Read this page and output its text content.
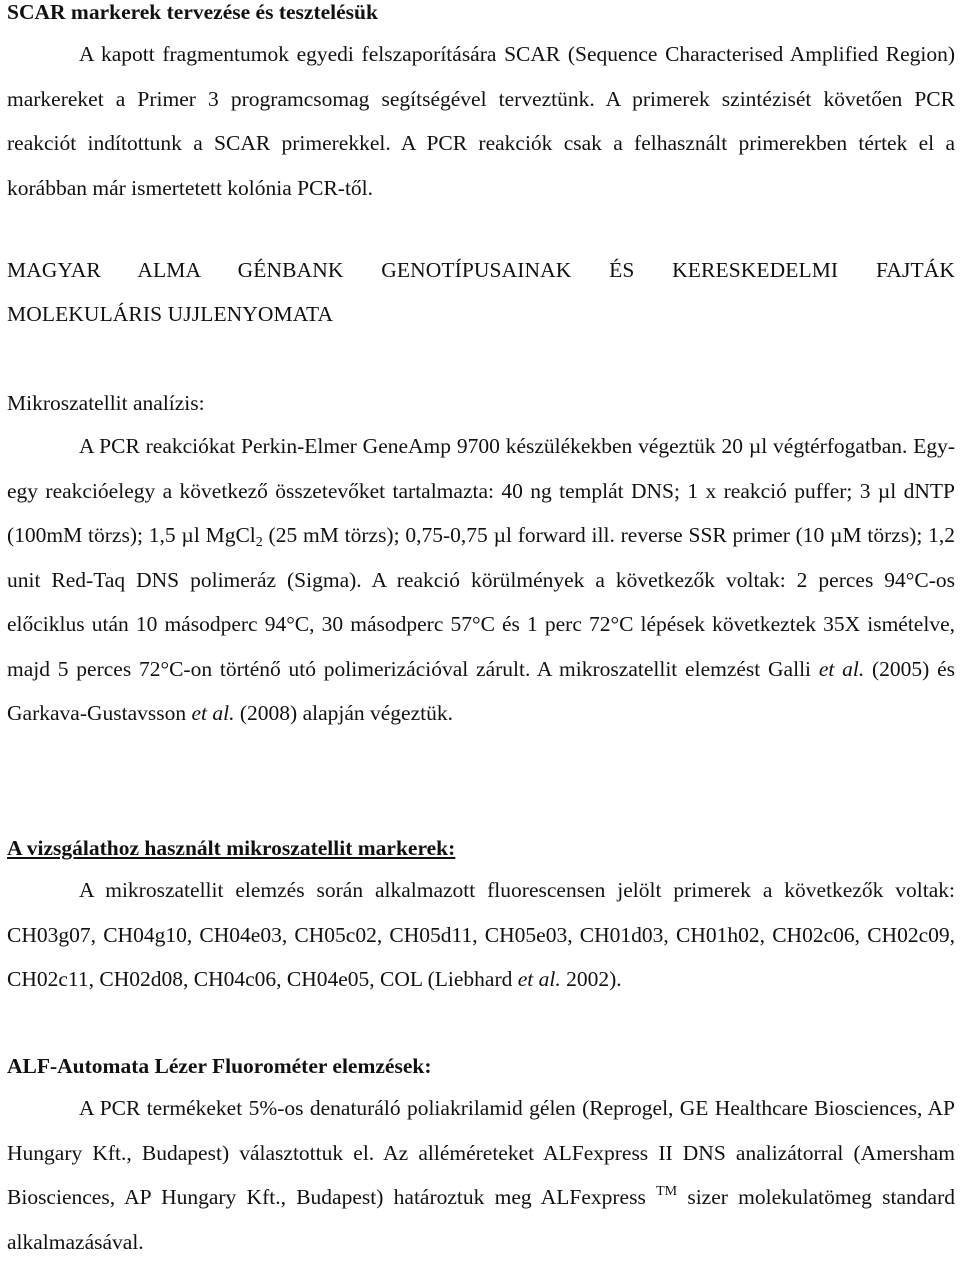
SCAR markerek tervezése és tesztelésük

A kapott fragmentumok egyedi felszaporítására SCAR (Sequence Characterised Amplified Region) markereket a Primer 3 programcsomag segítségével terveztünk. A primerek szintézisét követően PCR reakciót indítottunk a SCAR primerekkel. A PCR reakciók csak a felhasznált primerekben tértek el a korábban már ismertetett kolónia PCR-től.

MAGYAR ALMA GÉNBANK GENOTÍPUSAINAK ÉS KERESKEDELMI FAJTÁK

MOLEKULÁRIS UJJLENYOMATA

Mikroszatellit analízis:

A PCR reakciókat Perkin-Elmer GeneAmp 9700 készülékekben végeztük 20 µl végtérfogatban. Egy-egy reakcióelegy a következő összetevőket tartalmazta: 40 ng templát DNS; 1 x reakció puffer; 3 µl dNTP (100mM törzs); 1,5 µl MgCl$_2$ (25 mM törzs); 0,75-0,75 µl forward ill. reverse SSR primer (10 µM törzs); 1,2 unit Red-Taq DNS polimeráz (Sigma). A reakció körülmények a következők voltak: 2 perces 94°C-os előciklus után 10 másodperc 94°C, 30 másodperc 57°C és 1 perc 72°C lépések következtek 35X ismételve, majd 5 perces 72°C-on történő utó polimerizációval zárult. A mikroszatellit elemzést Galli et al. (2005) és Garkava-Gustavsson et al. (2008) alapján végeztük.

A vizsgálathoz használt mikroszatellit markerek:

A mikroszatellit elemzés során alkalmazott fluorescensen jelölt primerek a következők voltak: CH03g07, CH04g10, CH04e03, CH05c02, CH05d11, CH05e03, CH01d03, CH01h02, CH02c06, CH02c09, CH02c11, CH02d08, CH04c06, CH04e05, COL (Liebhard et al. 2002).

ALF-Automata Lézer Fluorométer elemzések:

A PCR termékeket 5%-os denaturáló poliakrilamid gélen (Reprogel, GE Healthcare Biosciences, AP Hungary Kft., Budapest) választottuk el. Az alléméreteket ALFexpress II DNS analizátorral (Amersham Biosciences, AP Hungary Kft., Budapest) határoztuk meg ALFexpress ™ sizer molekulatömeg standard alkalmazásával.
